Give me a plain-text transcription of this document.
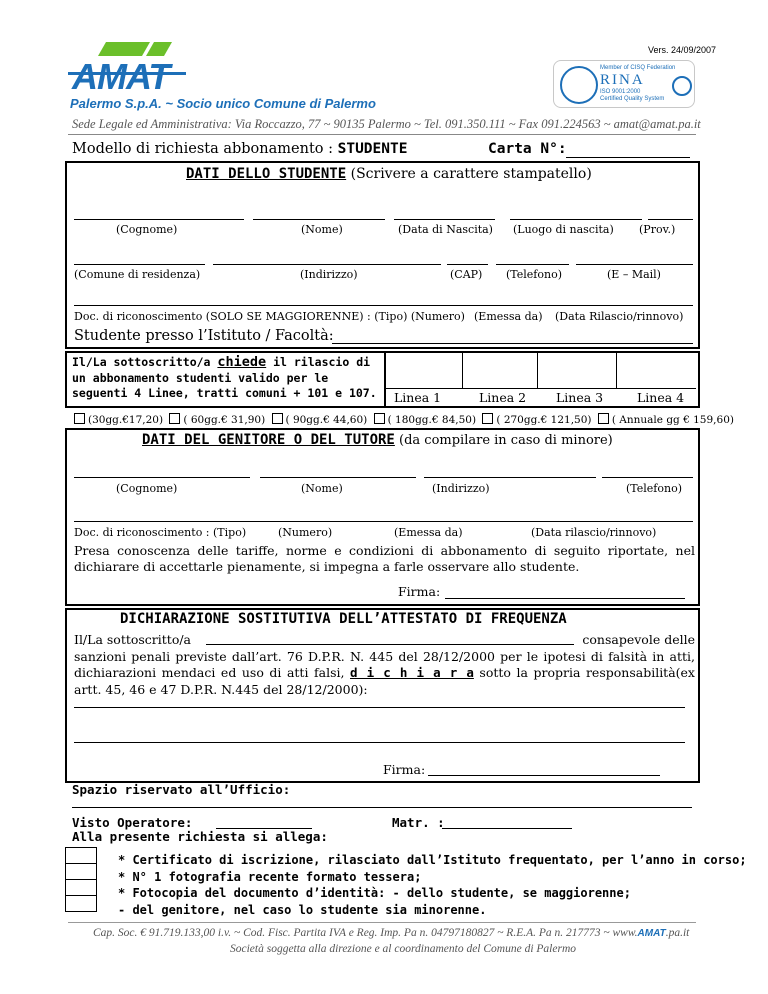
Vers. 24/09/2007
AMAT
Palermo S.p.A. ~ Socio unico Comune di Palermo
Member of CISQ Federation
RINA
ISO 9001:2000
Certified Quality System
Sede Legale ed Amministrativa: Via Roccazzo, 77 ~ 90135 Palermo ~ Tel. 091.350.111 ~ Fax 091.224563 ~ amat@amat.pa.it
Modello di richiesta abbonamento : STUDENTE	Carta N°:
DATI DELLO STUDENTE (Scrivere a carattere stampatello)
(Cognome)	(Nome)	(Data di Nascita) (Luogo di nascita) (Prov.)
(Comune di residenza)	(Indirizzo)	(CAP) (Telefono)	(E – Mail)
Doc. di riconoscimento (SOLO SE MAGGIORENNE) : (Tipo) (Numero) (Emessa da) (Data Rilascio/rinnovo)
Studente presso l’Istituto / Facoltà:
Il/La sottoscritto/a chiede il rilascio di un abbonamento studenti valido per le seguenti 4 Linee, tratti comuni + 101 e 107.	Linea 1	Linea 2 Linea 3	Linea 4
(30gg.€17,20) ( 60gg.€ 31,90) ( 90gg.€ 44,60) ( 180gg.€ 84,50) ( 270gg.€ 121,50) ( Annuale gg € 159,60)
DATI DEL GENITORE O DEL TUTORE (da compilare in caso di minore)
(Cognome)	(Nome)	(Indirizzo)	(Telefono)
Doc. di riconoscimento : (Tipo)	(Numero)	(Emessa da)	(Data rilascio/rinnovo)
Presa conoscenza delle tariffe, norme e condizioni di abbonamento di seguito riportate, nel dichiarare di accettarle pienamente, si impegna a farle osservare allo studente.
Firma:
DICHIARAZIONE SOSTITUTIVA DELL’ATTESTATO DI FREQUENZA
Il/La sottoscritto/a	consapevole delle
sanzioni penali previste dall’art. 76 D.P.R. N. 445 del 28/12/2000 per le ipotesi di falsità in atti, dichiarazioni mendaci ed uso di atti falsi, d i c h i a r a sotto la propria responsabilità(ex artt. 45, 46 e 47 D.P.R. N.445 del 28/12/2000):
Firma:
Spazio riservato all’Ufficio:
Visto Operatore:	Matr. :
Alla presente richiesta si allega:
* Certificato di iscrizione, rilasciato dall’Istituto frequentato, per l’anno in corso;
* N° 1 fotografia recente formato tessera;
* Fotocopia del documento d’identità: - dello studente, se maggiorenne;
- del genitore, nel caso lo studente sia minorenne.
Cap. Soc. € 91.719.133,00 i.v. ~ Cod. Fisc. Partita IVA e Reg. Imp. Pa n. 04797180827 ~ R.E.A. Pa n. 217773 ~ www.AMAT.pa.it
Società soggetta alla direzione e al coordinamento del Comune di Palermo
